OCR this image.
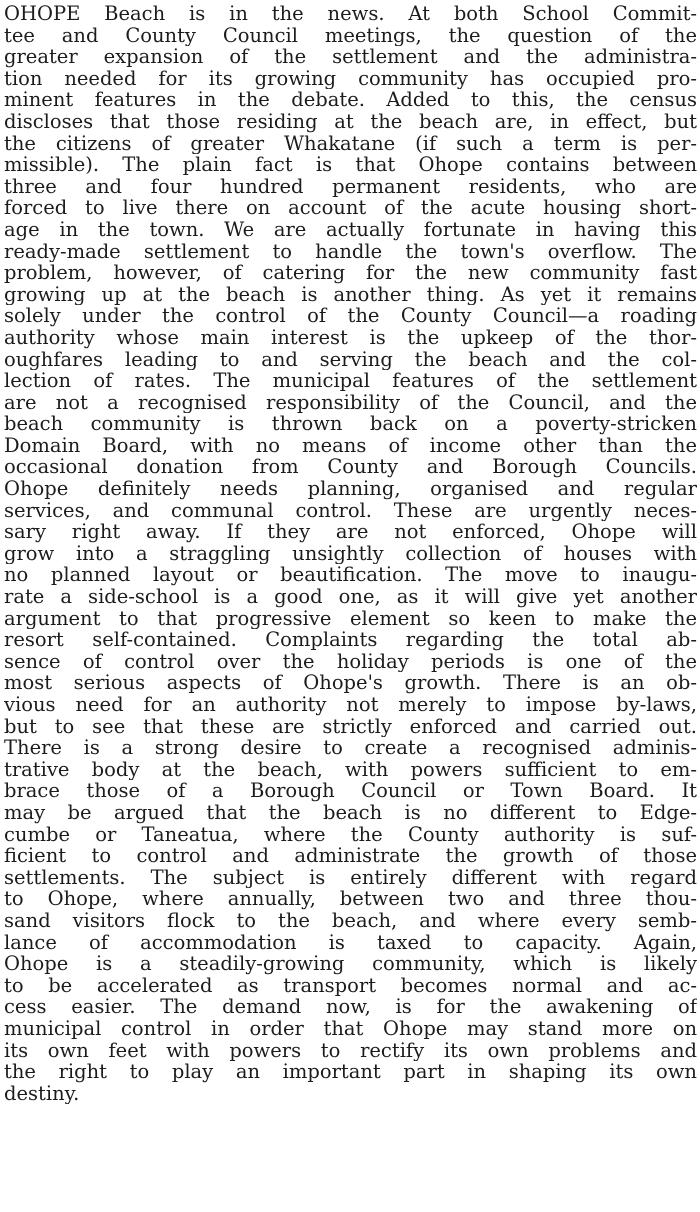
OHOPE Beach is in the news. At both School Commit-
tee and County Council meetings, the question of the
greater expansion of the settlement and the administra-
tion needed for its growing community has occupied pro-
minent features in the debate. Added to this, the census
discloses that those residing at the beach are, in effect, but
the citizens of greater Whakatane (if such a term is per-
missible). The plain fact is that Ohope contains between
three and four hundred permanent residents, who are
forced to live there on account of the acute housing short-
age in the town. We are actually fortunate in having this
ready-made settlement to handle the town's overflow. The
problem, however, of catering for the new community fast
growing up at the beach is another thing. As yet it remains
solely under the control of the County Council—a roading
authority whose main interest is the upkeep of the thor-
oughfares leading to and serving the beach and the col-
lection of rates. The municipal features of the settlement
are not a recognised responsibility of the Council, and the
beach community is thrown back on a poverty-stricken
Domain Board, with no means of income other than the
occasional donation from County and Borough Councils.
Ohope definitely needs planning, organised and regular
services, and communal control. These are urgently neces-
sary right away. If they are not enforced, Ohope will
grow into a straggling unsightly collection of houses with
no planned layout or beautification. The move to inaugu-
rate a side-school is a good one, as it will give yet another
argument to that progressive element so keen to make the
resort self-contained. Complaints regarding the total ab-
sence of control over the holiday periods is one of the
most serious aspects of Ohope's growth. There is an ob-
vious need for an authority not merely to impose by-laws,
but to see that these are strictly enforced and carried out.
There is a strong desire to create a recognised adminis-
trative body at the beach, with powers sufficient to em-
brace those of a Borough Council or Town Board. It
may be argued that the beach is no different to Edge-
cumbe or Taneatua, where the County authority is suf-
ficient to control and administrate the growth of those
settlements. The subject is entirely different with regard
to Ohope, where annually, between two and three thou-
sand visitors flock to the beach, and where every semb-
lance of accommodation is taxed to capacity. Again,
Ohope is a steadily-growing community, which is likely
to be accelerated as transport becomes normal and ac-
cess easier. The demand now, is for the awakening of
municipal control in order that Ohope may stand more on
its own feet with powers to rectify its own problems and
the right to play an important part in shaping its own
destiny.
